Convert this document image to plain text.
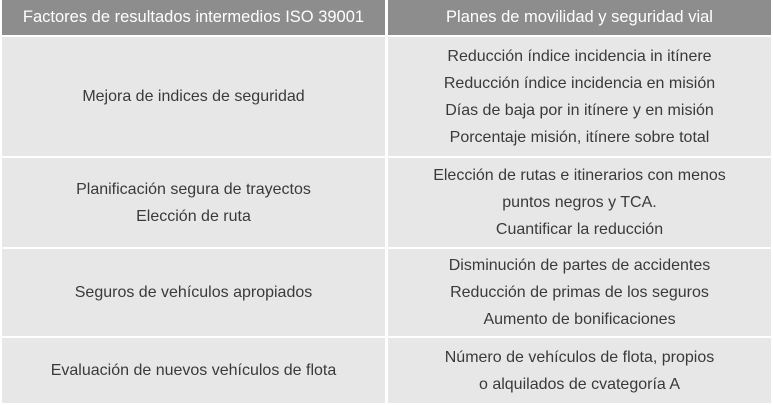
Factores de resultados intermedios ISO 39001	Planes de movilidad y seguridad vial
Mejora de indices de seguridad
Reducción índice incidencia in itínere
Reducción índice incidencia en misión
Días de baja por in itínere y en misión
Porcentaje misión, itínere sobre total
Planificación segura de trayectos
Elección de ruta
Elección de rutas e itinerarios con menos
puntos negros y TCA.
Cuantificar la reducción
Seguros de vehículos apropiados
Disminución de partes de accidentes
Reducción de primas de los seguros
Aumento de bonificaciones
Evaluación de nuevos vehículos de flota
Número de vehículos de flota, propios
o alquilados de cvategoría A
